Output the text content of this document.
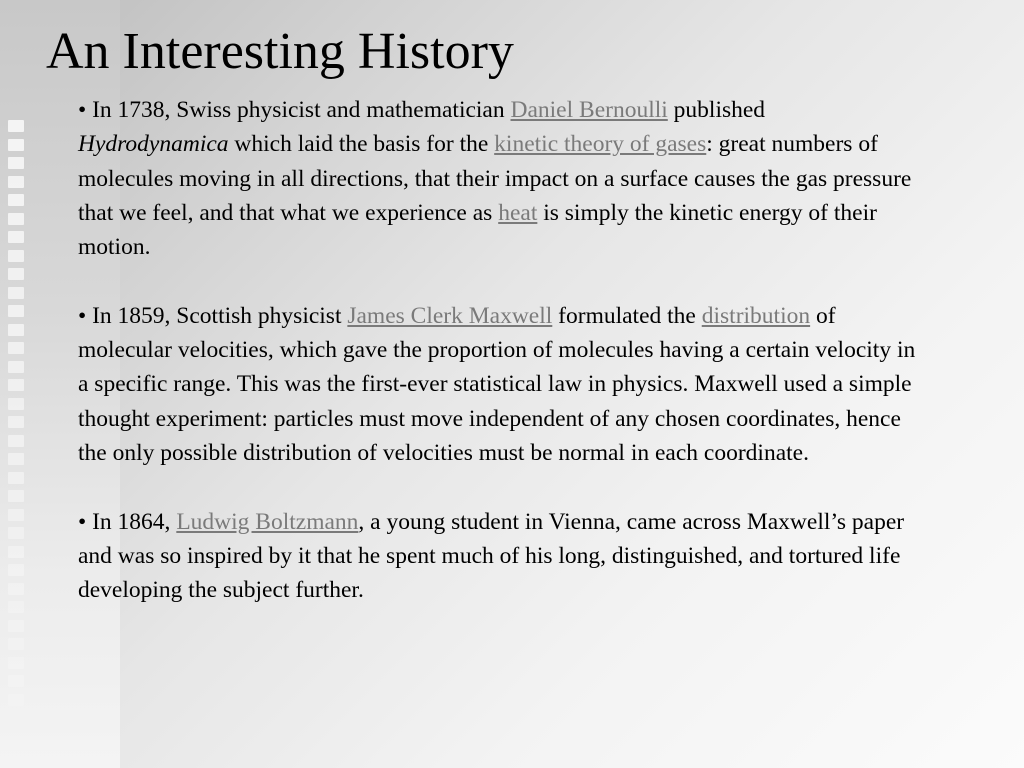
An Interesting History

• In 1738, Swiss physicist and mathematician Daniel Bernoulli published Hydrodynamica which laid the basis for the kinetic theory of gases: great numbers of molecules moving in all directions, that their impact on a surface causes the gas pressure that we feel, and that what we experience as heat is simply the kinetic energy of their motion.

• In 1859, Scottish physicist James Clerk Maxwell formulated the distribution of molecular velocities, which gave the proportion of molecules having a certain velocity in a specific range. This was the first-ever statistical law in physics. Maxwell used a simple thought experiment: particles must move independent of any chosen coordinates, hence the only possible distribution of velocities must be normal in each coordinate.

• In 1864, Ludwig Boltzmann, a young student in Vienna, came across Maxwell’s paper and was so inspired by it that he spent much of his long, distinguished, and tortured life developing the subject further.
